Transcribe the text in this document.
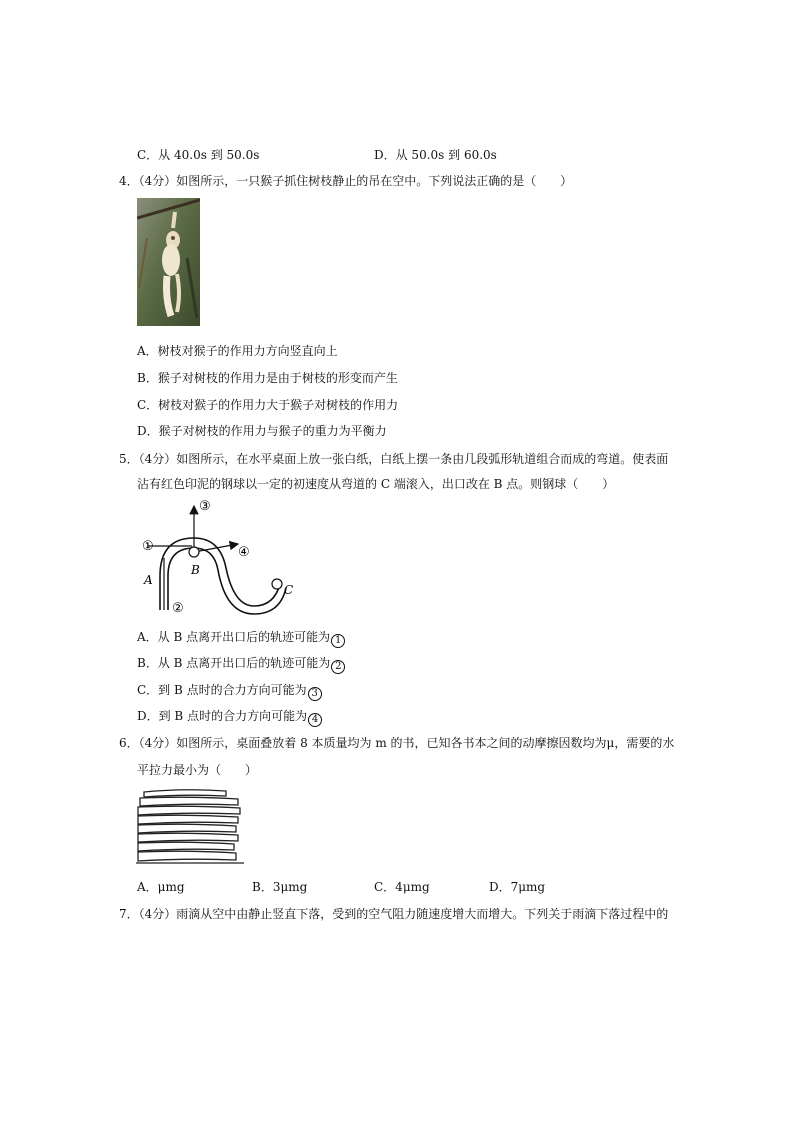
C．从 40.0s 到 50.0s	D．从 50.0s 到 60.0s
4．（4分）如图所示，一只猴子抓住树枝静止的吊在空中。下列说法正确的是（ ）
A．树枝对猴子的作用力方向竖直向上
B．猴子对树枝的作用力是由于树枝的形变而产生
C．树枝对猴子的作用力大于猴子对树枝的作用力
D．猴子对树枝的作用力与猴子的重力为平衡力
5．（4分）如图所示，在水平桌面上放一张白纸，白纸上摆一条由几段弧形轨道组合而成的弯道。使表面
沾有红色印泥的钢球以一定的初速度从弯道的 C 端滚入，出口改在 B 点。则钢球（ ）
①
②
③
④
A
B
C
A．从 B 点离开出口后的轨迹可能为 1
B．从 B 点离开出口后的轨迹可能为 2
C．到 B 点时的合力方向可能为 3
D．到 B 点时的合力方向可能为 4
6．（4分）如图所示，桌面叠放着 8 本质量均为 m 的书，已知各书本之间的动摩擦因数均为μ，需要的水
平拉力最小为（ ）
A．μmg	B．3μmg	C．4μmg	D．7μmg
7．（4分）雨滴从空中由静止竖直下落，受到的空气阻力随速度增大而增大。下列关于雨滴下落过程中的
